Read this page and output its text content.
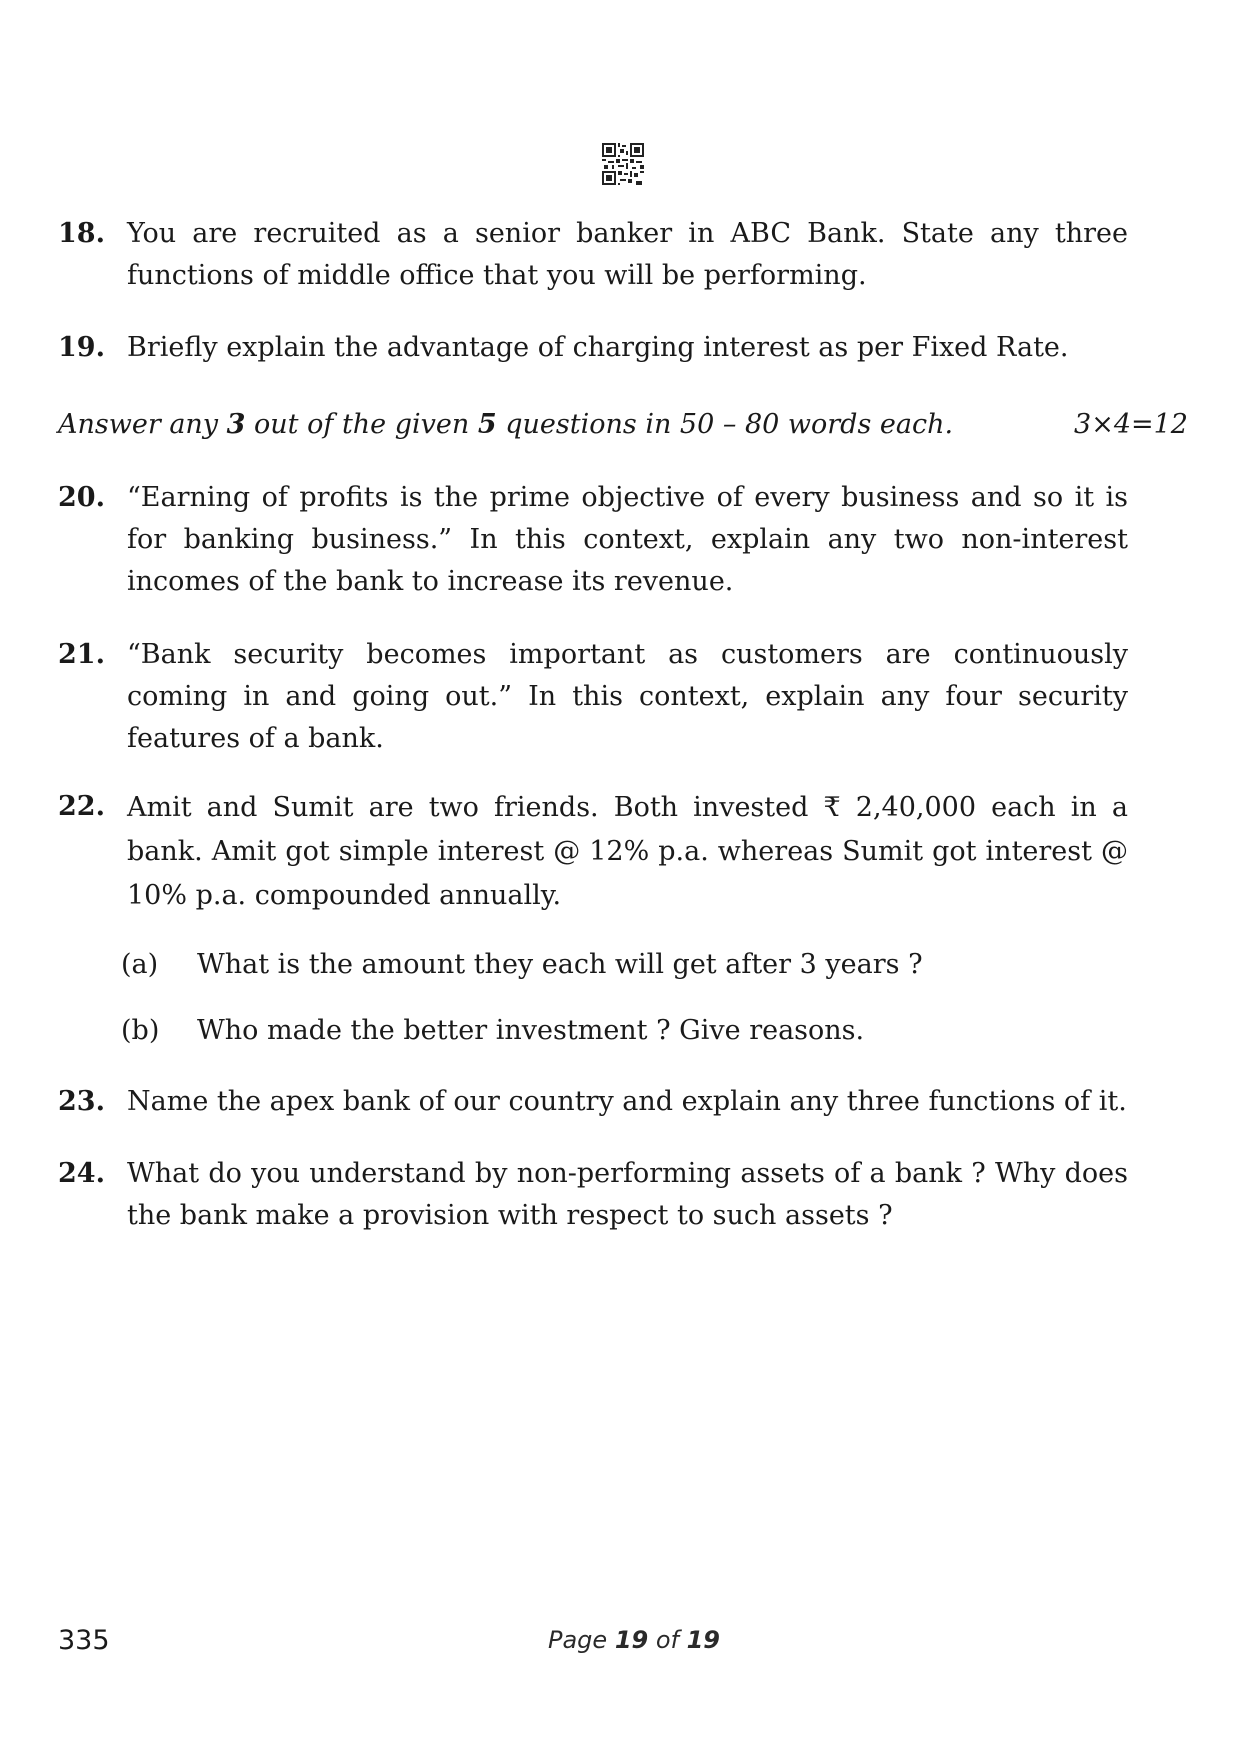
18. You are recruited as a senior banker in ABC Bank. State any three functions of middle office that you will be performing.
19. Briefly explain the advantage of charging interest as per Fixed Rate.
Answer any 3 out of the given 5 questions in 50 – 80 words each.	3×4=12
20. “Earning of profits is the prime objective of every business and so it is for banking business.” In this context, explain any two non-interest incomes of the bank to increase its revenue.
21. “Bank security becomes important as customers are continuously coming in and going out.” In this context, explain any four security features of a bank.
22. Amit and Sumit are two friends. Both invested ₹ 2,40,000 each in a bank. Amit got simple interest @ 12% p.a. whereas Sumit got interest @ 10% p.a. compounded annually.
(a) What is the amount they each will get after 3 years ?
(b) Who made the better investment ? Give reasons.
23. Name the apex bank of our country and explain any three functions of it.
24. What do you understand by non-performing assets of a bank ? Why does the bank make a provision with respect to such assets ?
335	Page 19 of 19
